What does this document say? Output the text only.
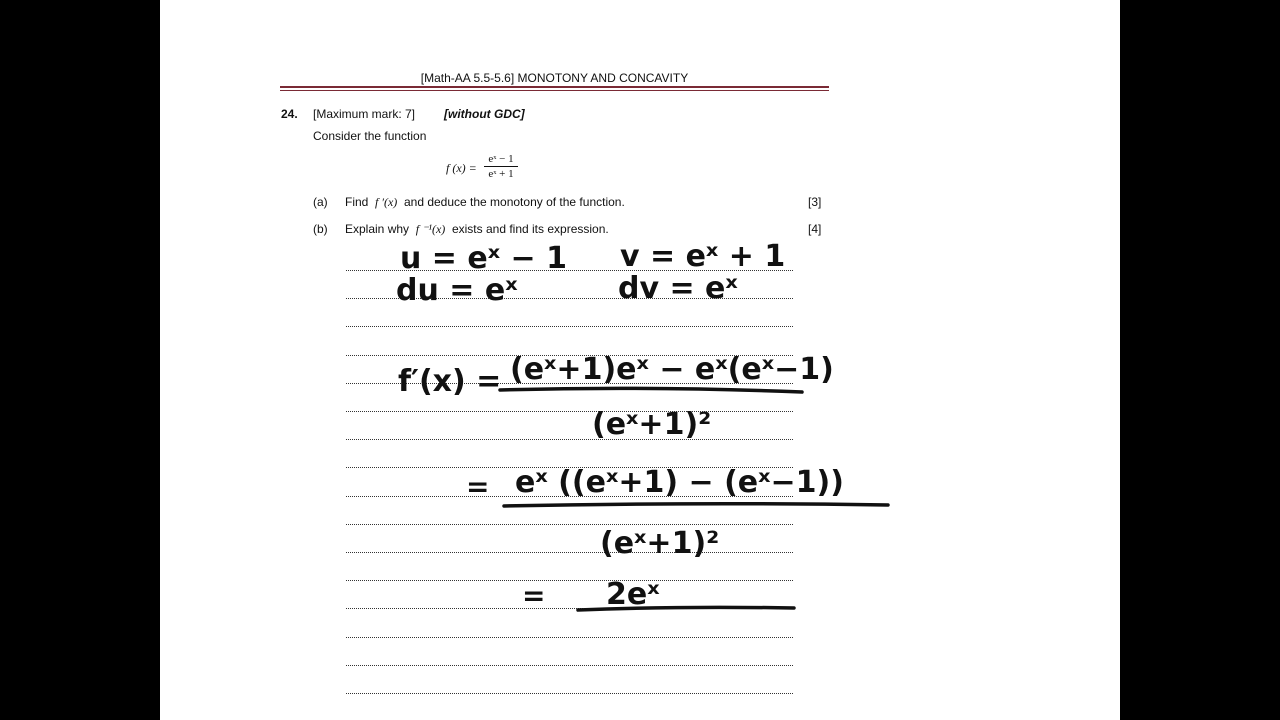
[Math-AA 5.5-5.6] MONOTONY AND CONCAVITY
24. [Maximum mark: 7] [without GDC]
Consider the function
f $(x) = \frac{\text{eˣ − 1}}{\text{eˣ + 1}}$
(a) Find f ′(x) and deduce the monotony of the function.	[3]
(b) Explain why f ⁻¹(x) exists and find its expression.	[4]
u = eˣ − 1
du = eˣ
v = eˣ + 1
dv = eˣ
f′(x) = (eˣ+1)eˣ − eˣ(eˣ−1)
(eˣ+1)²
= eˣ ((eˣ+1) − (eˣ−1))
(eˣ+1)²
= 2eˣ
